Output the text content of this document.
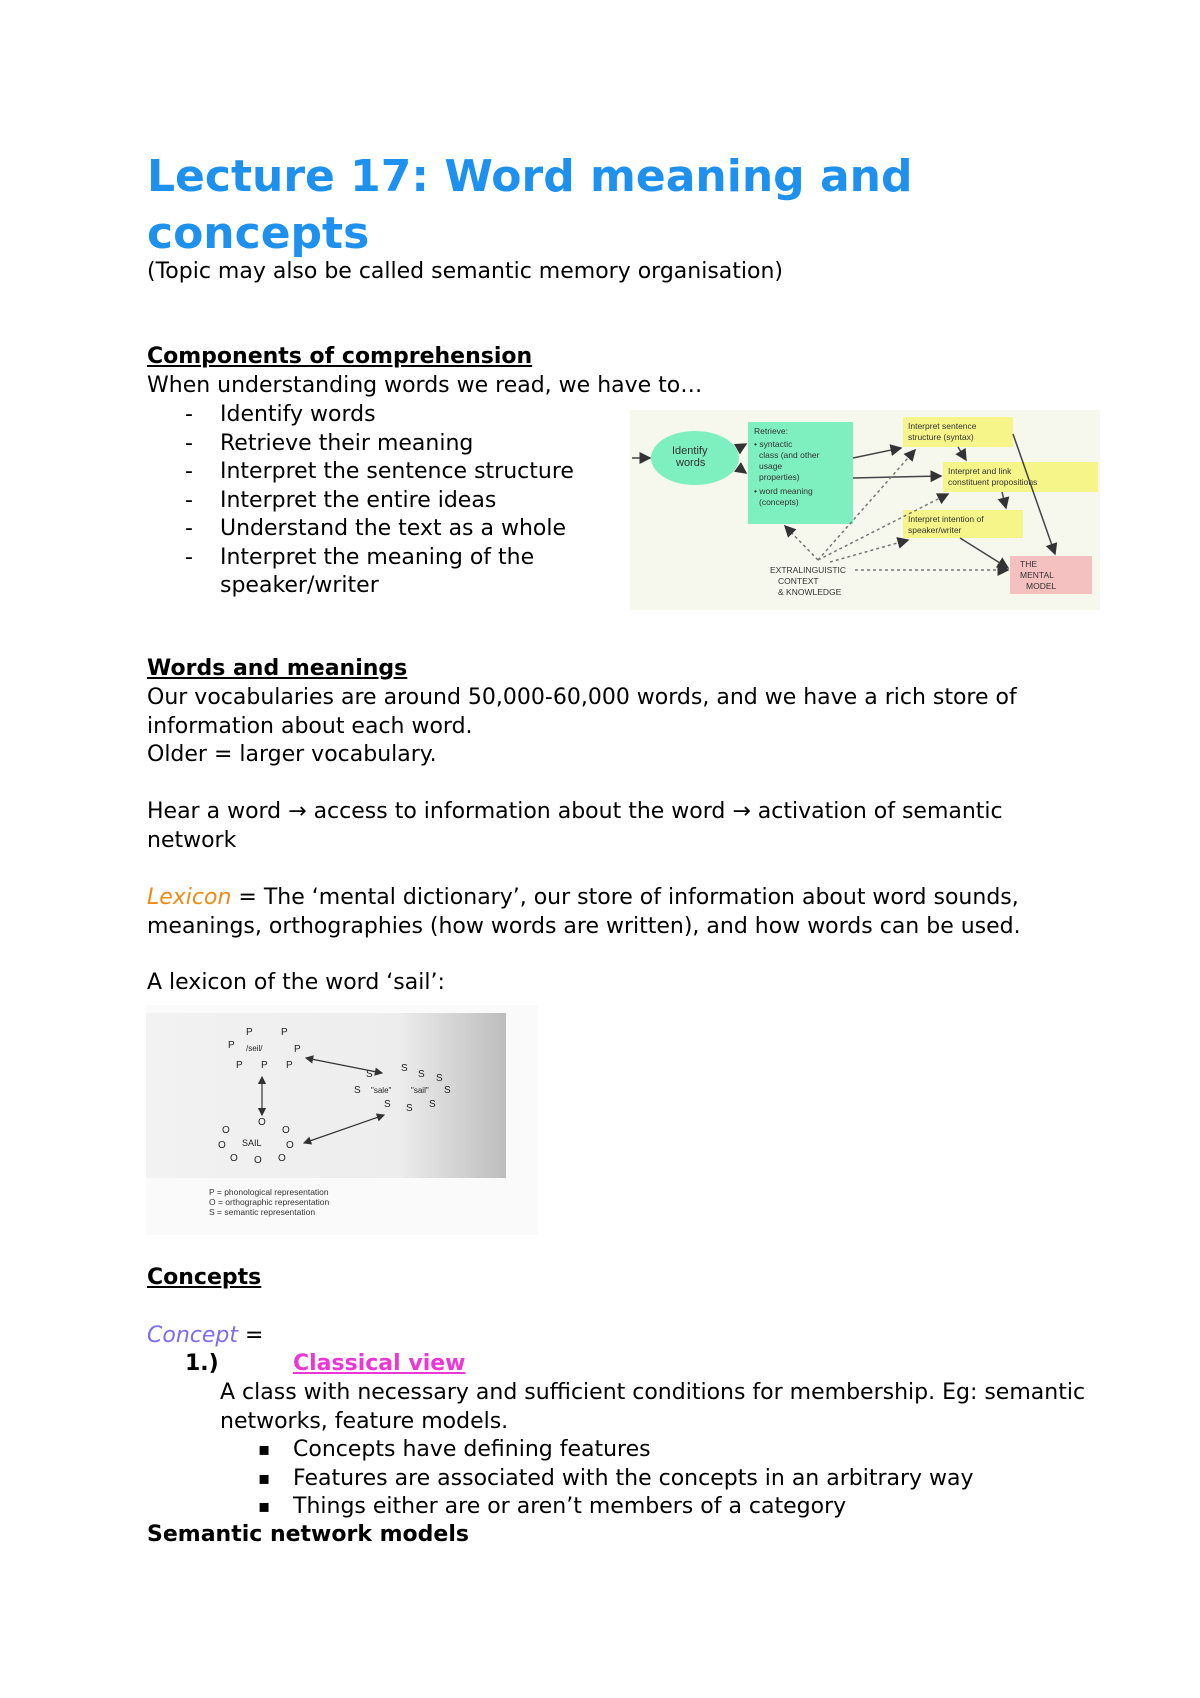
Lecture 17: Word meaning and concepts
(Topic may also be called semantic memory organisation)
Components of comprehension
When understanding words we read, we have to…
- Identify words
- Retrieve their meaning
- Interpret the sentence structure
- Interpret the entire ideas
- Understand the text as a whole
- Interpret the meaning of the speaker/writer
Identify
words
Retrieve: • syntactic class (and other usage properties) • word meaning (concepts)
Interpret sentence structure (syntax)
Interpret and link constituent propositions
Interpret intention of speaker/writer
THE MENTAL MODEL
EXTRALINGUISTIC CONTEXT & KNOWLEDGE
Words and meanings
Our vocabularies are around 50,000-60,000 words, and we have a rich store of information about each word.
Older = larger vocabulary.
Hear a word → access to information about the word → activation of semantic network
Lexicon = The ‘mental dictionary’, our store of information about word sounds, meanings, orthographies (how words are written), and how words can be used.
A lexicon of the word ‘sail’:
P	P
P	P
P P P
/seil/
S
S
S S
S	S
S S S
"sale" "sail"
O
O	O
O	O
O O O
SAIL
P = phonological representation O = orthographic representation S = semantic representation
Concepts
Concept =
1.)	Classical view
A class with necessary and sufficient conditions for membership. Eg: semantic networks, feature models.
▪ Concepts have defining features
▪ Features are associated with the concepts in an arbitrary way
▪ Things either are or aren’t members of a category
Semantic network models
